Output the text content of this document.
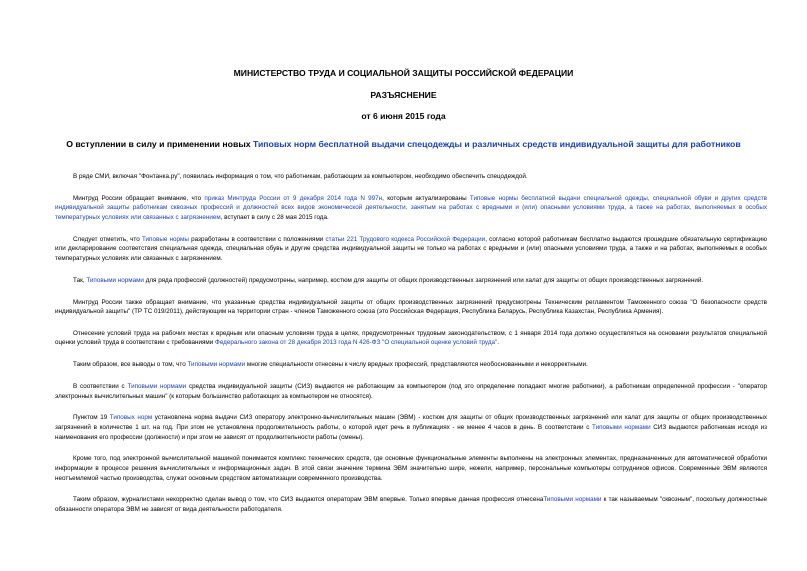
МИНИСТЕРСТВО ТРУДА И СОЦИАЛЬНОЙ ЗАЩИТЫ РОССИЙСКОЙ ФЕДЕРАЦИИ
РАЗЪЯСНЕНИЕ
от 6 июня 2015 года
О вступлении в силу и применении новых Типовых норм бесплатной выдачи спецодежды и различных средств индивидуальной защиты для работников

В ряде СМИ, включая "Фонтанка.ру", появилась информация о том, что работникам, работающим за компьютером, необходимо обеспечить спецодеждой.

Минтруд России обращает внимание, что приказ Минтруда России от 9 декабря 2014 года N 997н, которым актуализированы Типовые нормы бесплатной выдачи специальной одежды, специальной обуви и других средств индивидуальной защиты работникам сквозных профессий и должностей всех видов экономической деятельности, занятым на работах с вредными и (или) опасными условиями труда, а также на работах, выполняемых в особых температурных условиях или связанных с загрязнением, вступает в силу с 28 мая 2015 года.

Следует отметить, что Типовые нормы разработаны в соответствии с положениями статьи 221 Трудового кодекса Российской Федерации, согласно которой работникам бесплатно выдаются прошедшие обязательную сертификацию или декларирование соответствия специальная одежда, специальная обувь и другие средства индивидуальной защиты не только на работах с вредными и (или) опасными условиями труда, а также и на работах, выполняемых в особых температурных условиях или связанных с загрязнением.

Так, Типовыми нормами для ряда профессий (должностей) предусмотрены, например, костюм для защиты от общих производственных загрязнений или халат для защиты от общих производственных загрязнений.

Минтруд России также обращает внимание, что указанные средства индивидуальной защиты от общих производственных загрязнений предусмотрены Техническим регламентом Таможенного союза "О безопасности средств индивидуальной защиты" (ТР ТС 019/2011), действующим на территории стран - членов Таможенного союза (это Российская Федерация, Республика Беларусь, Республика Казахстан, Республика Армения).

Отнесение условий труда на рабочих местах к вредным или опасным условиям труда в целях, предусмотренных трудовым законодательством, с 1 января 2014 года должно осуществляться на основании результатов специальной оценки условий труда в соответствии с требованиями Федерального закона от 28 декабря 2013 года N 426-ФЗ "О специальной оценке условий труда".

Таким образом, все выводы о том, что Типовыми нормами многие специальности отнесены к числу вредных профессий, представляются необоснованными и некорректными.

В соответствии с Типовыми нормами средства индивидуальной защиты (СИЗ) выдаются не работающим за компьютером (под это определение попадают многие работники), а работникам определенной профессии - "оператор электронных вычислительных машин" (к которым большинство работающих за компьютером не относятся).

Пунктом 19 Типовых норм установлена норма выдачи СИЗ оператору электронно-вычислительных машин (ЭВМ) - костюм для защиты от общих производственных загрязнений или халат для защиты от общих производственных загрязнений в количестве 1 шт. на год. При этом не установлена продолжительность работы, о которой идет речь в публикациях - не менее 4 часов в день. В соответствии с Типовыми нормами СИЗ выдаются работникам исходя из наименования его профессии (должности) и при этом не зависят от продолжительности работы (смены).

Кроме того, под электронной вычислительной машиной понимается комплекс технических средств, где основные функциональные элементы выполнены на электронных элементах, предназначенных для автоматической обработки информации в процессе решения вычислительных и информационных задач. В этой связи значение термина ЭВМ значительно шире, нежели, например, персональные компьютеры сотрудников офисов. Современные ЭВМ являются неотъемлемой частью производства, служат основным средством автоматизации современного производства.

Таким образом, журналистами некорректно сделан вывод о том, что СИЗ выдаются операторам ЭВМ впервые. Только впервые данная профессия отнесенаТиповыми нормами к так называемым "сквозным", поскольку должностные обязанности оператора ЭВМ не зависят от вида деятельности работодателя.
